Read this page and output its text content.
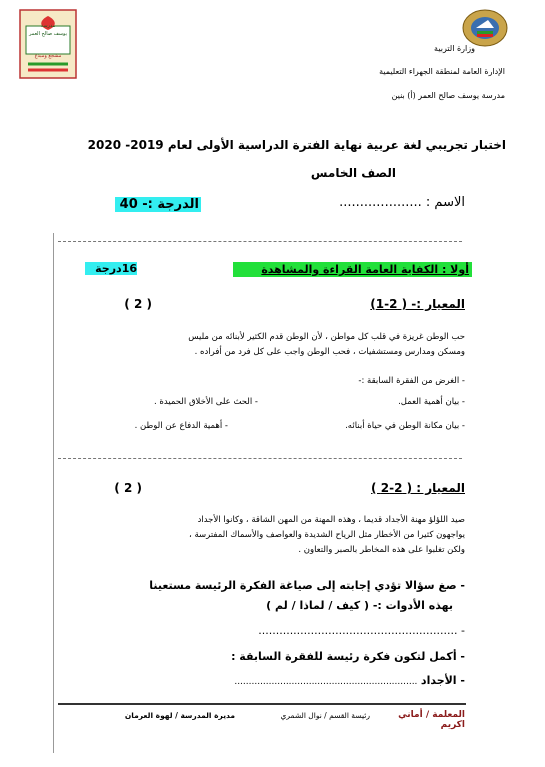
مدرسة
يوسف صالح العمر
مشجع ومبدع
وزارة التربية
الإدارة العامة لمنطقة الجهراء التعليمية
مدرسة يوسف صالح العمر (أ) بنين
اختبار تجريبي لغة عربية نهاية الفترة الدراسية الأولى لعام 2019- 2020
الصف الخامس
الاسم : ....................
الدرجة :- 40
أولا : الكفاية العامة القراءة والمشاهدة
16درجة
المعيار :- ( 2-1)
( 2 )
حب الوطن غريزة في قلب كل مواطن ، لأن الوطن قدم الكثير لأبنائه من مليس
ومسكن ومدارس ومستشفيات ، فحب الوطن واجب على كل فرد من أفراده .
- الغرض من الفقرة السابقة :-
- بيان أهمية العمل.
- الحث على الأخلاق الحميدة .
- بيان مكانة الوطن في حياة أبنائه.
- أهمية الدفاع عن الوطن .
المعيار : ( 2-2 )
( 2 )
صيد اللؤلؤ مهنة الأجداد قديما ، وهذه المهنة من المهن الشاقة ، وكانوا الأجداد
يواجهون كثيرا من الأخطار مثل الرياح الشديدة والعواصف والأسماك المفترسة ،
ولكن تغلبوا على هذه المخاطر بالصبر والتعاون .
- صغ سؤالا تؤدي إجابته إلى صياغة الفكرة الرئيسة مستعينا
بهذه الأدوات :- ( كيف / لماذا / لم )
- .........................................................
- أكمل لتكون فكرة رئيسة للفقرة السابقة :
- الأجداد ................................................................
المعلمة / أماني اكريم
رئيسة القسم / نوال الشمري
مديرة المدرسة / لهوة العرمان
